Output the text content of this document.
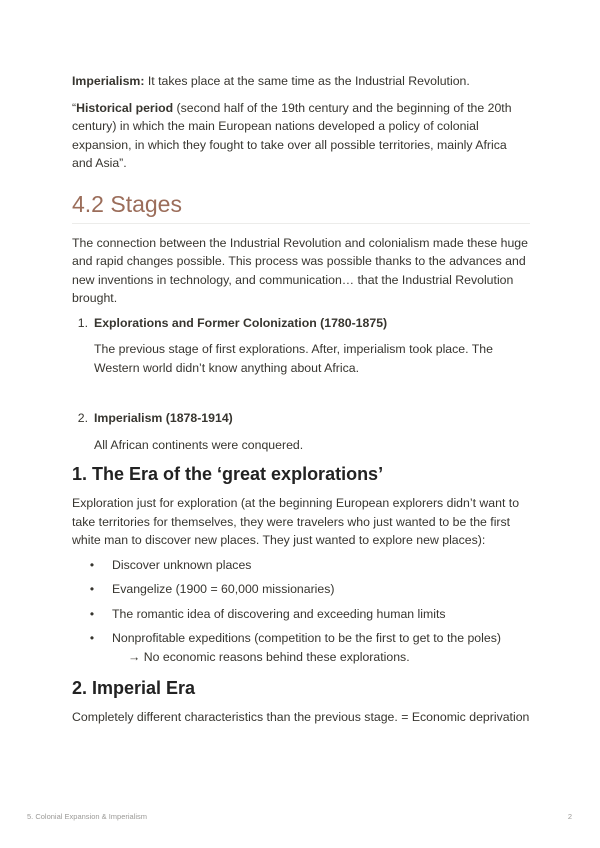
Imperialism: It takes place at the same time as the Industrial Revolution.

“Historical period (second half of the 19th century and the beginning of the 20th century) in which the main European nations developed a policy of colonial expansion, in which they fought to take over all possible territories, mainly Africa and Asia”.

4.2 Stages

The connection between the Industrial Revolution and colonialism made these huge and rapid changes possible. This process was possible thanks to the advances and new inventions in technology, and communication… that the Industrial Revolution brought.

1. Explorations and Former Colonization (1780-1875)

The previous stage of first explorations. After, imperialism took place. The Western world didn’t know anything about Africa.

2. Imperialism (1878-1914)

All African continents were conquered.

1. The Era of the ‘great explorations’

Exploration just for exploration (at the beginning European explorers didn’t want to take territories for themselves, they were travelers who just wanted to be the first white man to discover new places. They just wanted to explore new places):

•	Discover unknown places
•	Evangelize (1900 = 60,000 missionaries)
•	The romantic idea of discovering and exceeding human limits
•	Nonprofitable expeditions (competition to be the first to get to the poles)
→ No economic reasons behind these explorations.
2. Imperial Era

Completely different characteristics than the previous stage. = Economic deprivation

5. Colonial Expansion & Imperialism	2
